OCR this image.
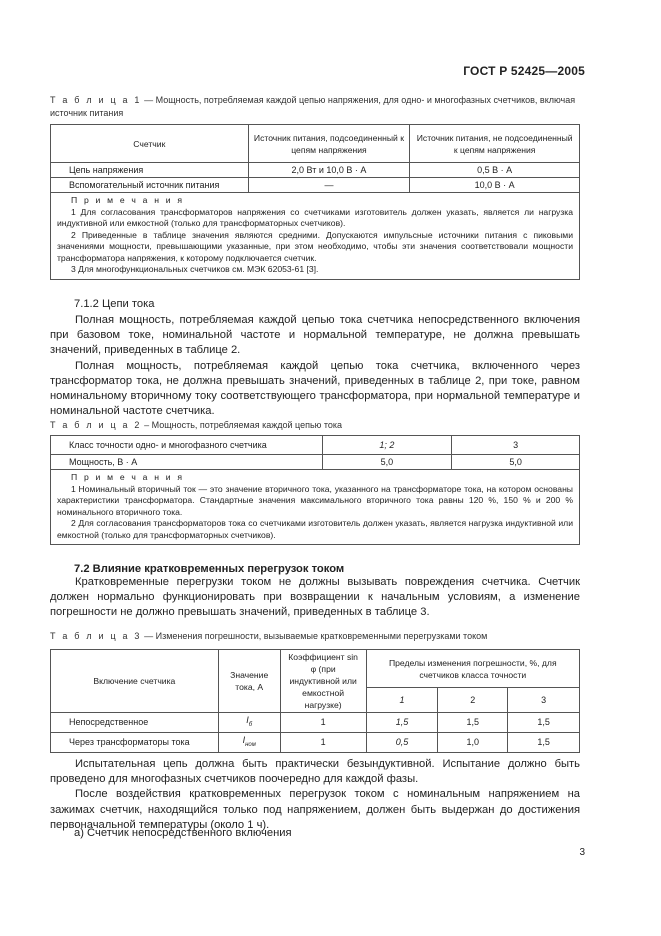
ГОСТ Р 52425—2005
Т а б л и ц а 1 — Мощность, потребляемая каждой цепью напряжения, для одно- и многофазных счетчиков, включая источник питания
Счетчик	Источник питания, подсоединенный к цепям напряжения	Источник питания, не подсоединенный к цепям напряжения
Цепь напряжения	2,0 Вт и 10,0 В · А	0,5 В · А
Вспомогательный источник питания	—	10,0 В · А

П р и м е ч а н и я

1 Для согласования трансформаторов напряжения со счетчиками изготовитель должен указать, является ли нагрузка индуктивной или емкостной (только для трансформаторных счетчиков).

2 Приведенные в таблице значения являются средними. Допускаются импульсные источники питания с пиковыми значениями мощности, превышающими указанные, при этом необходимо, чтобы эти значения соответствовали мощности трансформатора напряжения, к которому подключается счетчик.

3 Для многофункциональных счетчиков см. МЭК 62053-61 [3].		

7.1.2 Цепи тока

Полная мощность, потребляемая каждой цепью тока счетчика непосредственного включения при базовом токе, номинальной частоте и нормальной температуре, не должна превышать значений, приведенных в таблице 2.

Полная мощность, потребляемая каждой цепью тока счетчика, включенного через трансформатор тока, не должна превышать значений, приведенных в таблице 2, при токе, равном номинальному вторичному току соответствующего трансформатора, при нормальной температуре и номинальной частоте счетчика.

Т а б л и ц а 2 – Мощность, потребляемая каждой цепью тока
Класс точности одно- и многофазного счетчика	1; 2	3
Мощность, В · А	5,0	5,0

П р и м е ч а н и я

1 Номинальный вторичный ток — это значение вторичного тока, указанного на трансформаторе тока, на котором основаны характеристики трансформатора. Стандартные значения максимального вторичного тока равны 120 %, 150 % и 200 % номинального вторичного тока.

2 Для согласования трансформаторов тока со счетчиками изготовитель должен указать, является нагрузка индуктивной или емкостной (только для трансформаторных счетчиков).		

7.2 Влияние кратковременных перегрузок током

Кратковременные перегрузки током не должны вызывать повреждения счетчика. Счетчик должен нормально функционировать при возвращении к начальным условиям, а изменение погрешности не должно превышать значений, приведенных в таблице 3.

Т а б л и ц а 3 — Изменения погрешности, вызываемые кратковременными перегрузками током
Включение счетчика	Значение тока, А	Коэффициент sin φ (при индуктивной или емкостной нагрузке)	Пределы изменения погрешности, %, для счетчиков класса точности		
			1	2	3
Непосредственное	$I_б$	1	1,5	1,5	1,5
Через трансформаторы тока	$I_{ном}$	1	0,5	1,0	1,5

Испытательная цепь должна быть практически безындуктивной. Испытание должно быть проведено для многофазных счетчиков поочередно для каждой фазы.

После воздействия кратковременных перегрузок током с номинальным напряжением на зажимах счетчик, находящийся только под напряжением, должен быть выдержан до достижения первоначальной температуры (около 1 ч).

а) Счетчик непосредственного включения
3
